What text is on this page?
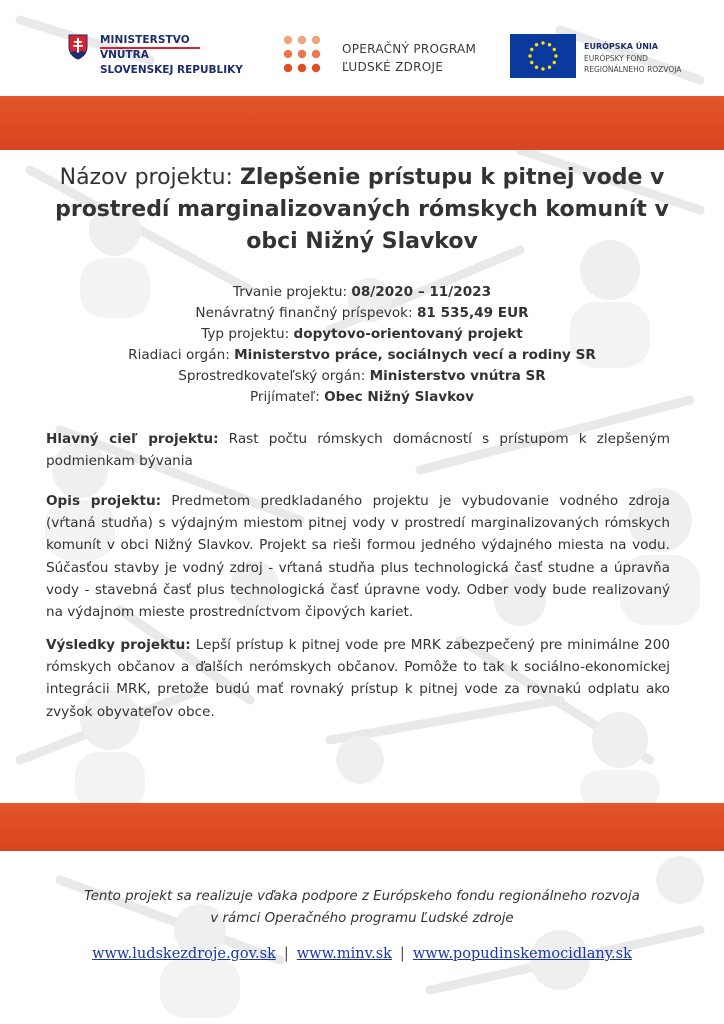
MINISTERSTVO
VNÚTRA
SLOVENSKEJ REPUBLIKY
OPERAČNÝ PROGRAM
ĽUDSKÉ ZDROJE
EURÓPSKA ÚNIA
EURÓPSKY FOND
REGIONÁLNEHO ROZVOJA
Názov projektu: Zlepšenie prístupu k pitnej vode v prostredí marginalizovaných rómskych komunít v obci Nižný Slavkov
Trvanie projektu: 08/2020 – 11/2023
Nenávratný finančný príspevok: 81 535,49 EUR
Typ projektu: dopytovo-orientovaný projekt
Riadiaci orgán: Ministerstvo práce, sociálnych vecí a rodiny SR
Sprostredkovateľský orgán: Ministerstvo vnútra SR
Prijímateľ: Obec Nižný Slavkov
Hlavný cieľ projektu: Rast počtu rómskych domácností s prístupom k zlepšeným podmienkam bývania
Opis projektu: Predmetom predkladaného projektu je vybudovanie vodného zdroja (vŕtaná studňa) s výdajným miestom pitnej vody v prostredí marginalizovaných rómskych komunít v obci Nižný Slavkov. Projekt sa rieši formou jedného výdajného miesta na vodu. Súčasťou stavby je vodný zdroj - vŕtaná studňa plus technologická časť studne a úpravňa vody - stavebná časť plus technologická časť úpravne vody. Odber vody bude realizovaný na výdajnom mieste prostredníctvom čipových kariet.
Výsledky projektu: Lepší prístup k pitnej vode pre MRK zabezpečený pre minimálne 200 rómskych občanov a ďalších nerómskych občanov. Pomôže to tak k sociálno-ekonomickej integrácii MRK, pretože budú mať rovnaký prístup k pitnej vode za rovnakú odplatu ako zvyšok obyvateľov obce.
Tento projekt sa realizuje vďaka podpore z Európskeho fondu regionálneho rozvoja
v rámci Operačného programu Ľudské zdroje
www.ludskezdroje.gov.sk | www.minv.sk | www.popudinskemocidlany.sk
